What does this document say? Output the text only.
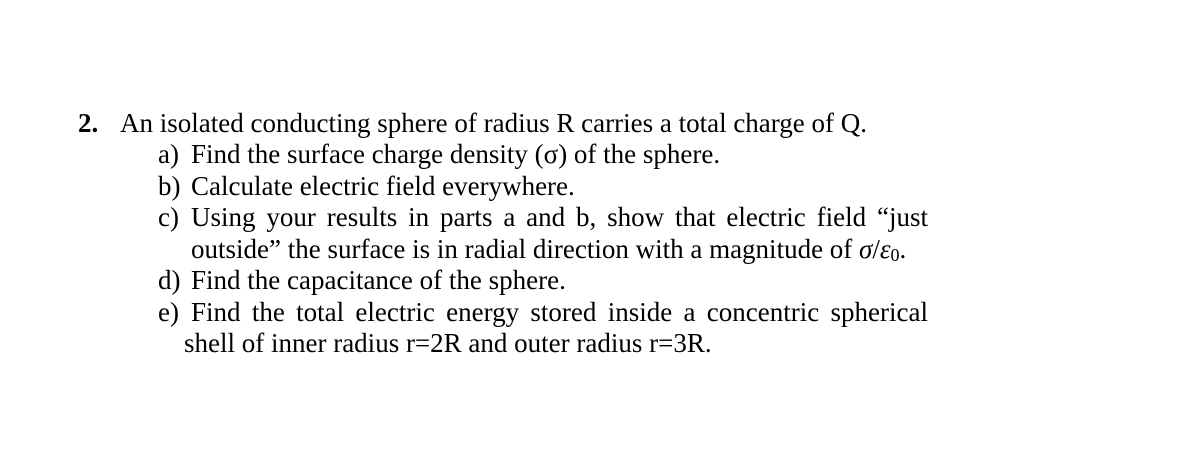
2. An isolated conducting sphere of radius R carries a total charge of Q.
a) Find the surface charge density (σ) of the sphere.
b) Calculate electric field everywhere.
c) Using your results in parts a and b, show that electric field “just
outside” the surface is in radial direction with a magnitude of $\sigma/\varepsilon_0$.
d) Find the capacitance of the sphere.
e) Find the total electric energy stored inside a concentric spherical
shell of inner radius r=2R and outer radius r=3R.
